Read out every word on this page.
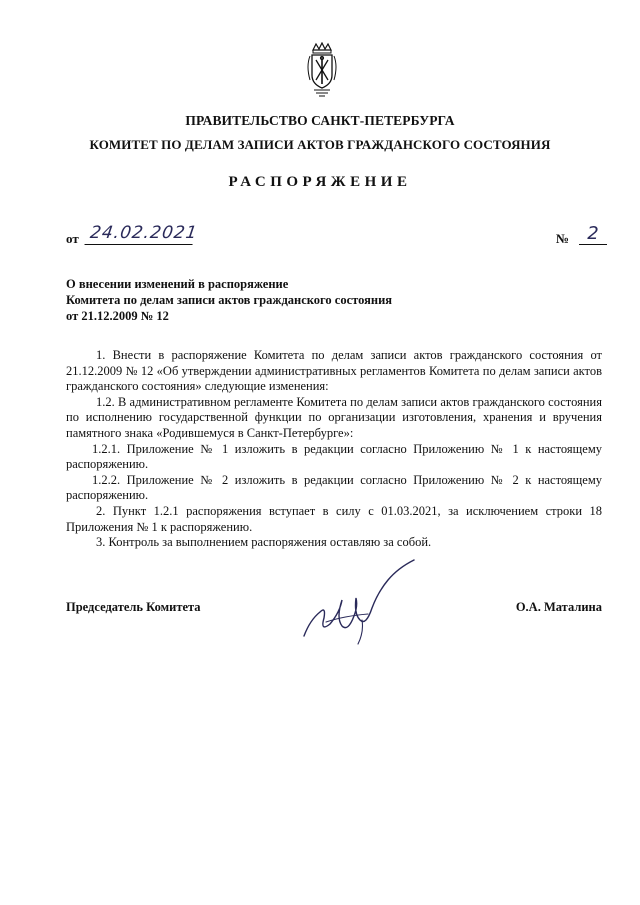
ПРАВИТЕЛЬСТВО САНКТ-ПЕТЕРБУРГА
КОМИТЕТ ПО ДЕЛАМ ЗАПИСИ АКТОВ ГРАЖДАНСКОГО СОСТОЯНИЯ
РАСПОРЯЖЕНИЕ
от 24.02.2021	№	2
О внесении изменений в распоряжение
Комитета по делам записи актов гражданского состояния
от 21.12.2009 № 12

1. Внести в распоряжение Комитета по делам записи актов гражданского состояния от 21.12.2009 № 12 «Об утверждении административных регламентов Комитета по делам записи актов гражданского состояния» следующие изменения:

1.2. В административном регламенте Комитета по делам записи актов гражданского состояния по исполнению государственной функции по организации изготовления, хранения и вручения памятного знака «Родившемуся в Санкт-Петербурге»:

1.2.1. Приложение № 1 изложить в редакции согласно Приложению № 1 к настоящему распоряжению.

1.2.2. Приложение № 2 изложить в редакции согласно Приложению № 2 к настоящему распоряжению.

2. Пункт 1.2.1 распоряжения вступает в силу с 01.03.2021, за исключением строки 18 Приложения № 1 к распоряжению.

3. Контроль за выполнением распоряжения оставляю за собой.

Председатель Комитета	О.А. Маталина
